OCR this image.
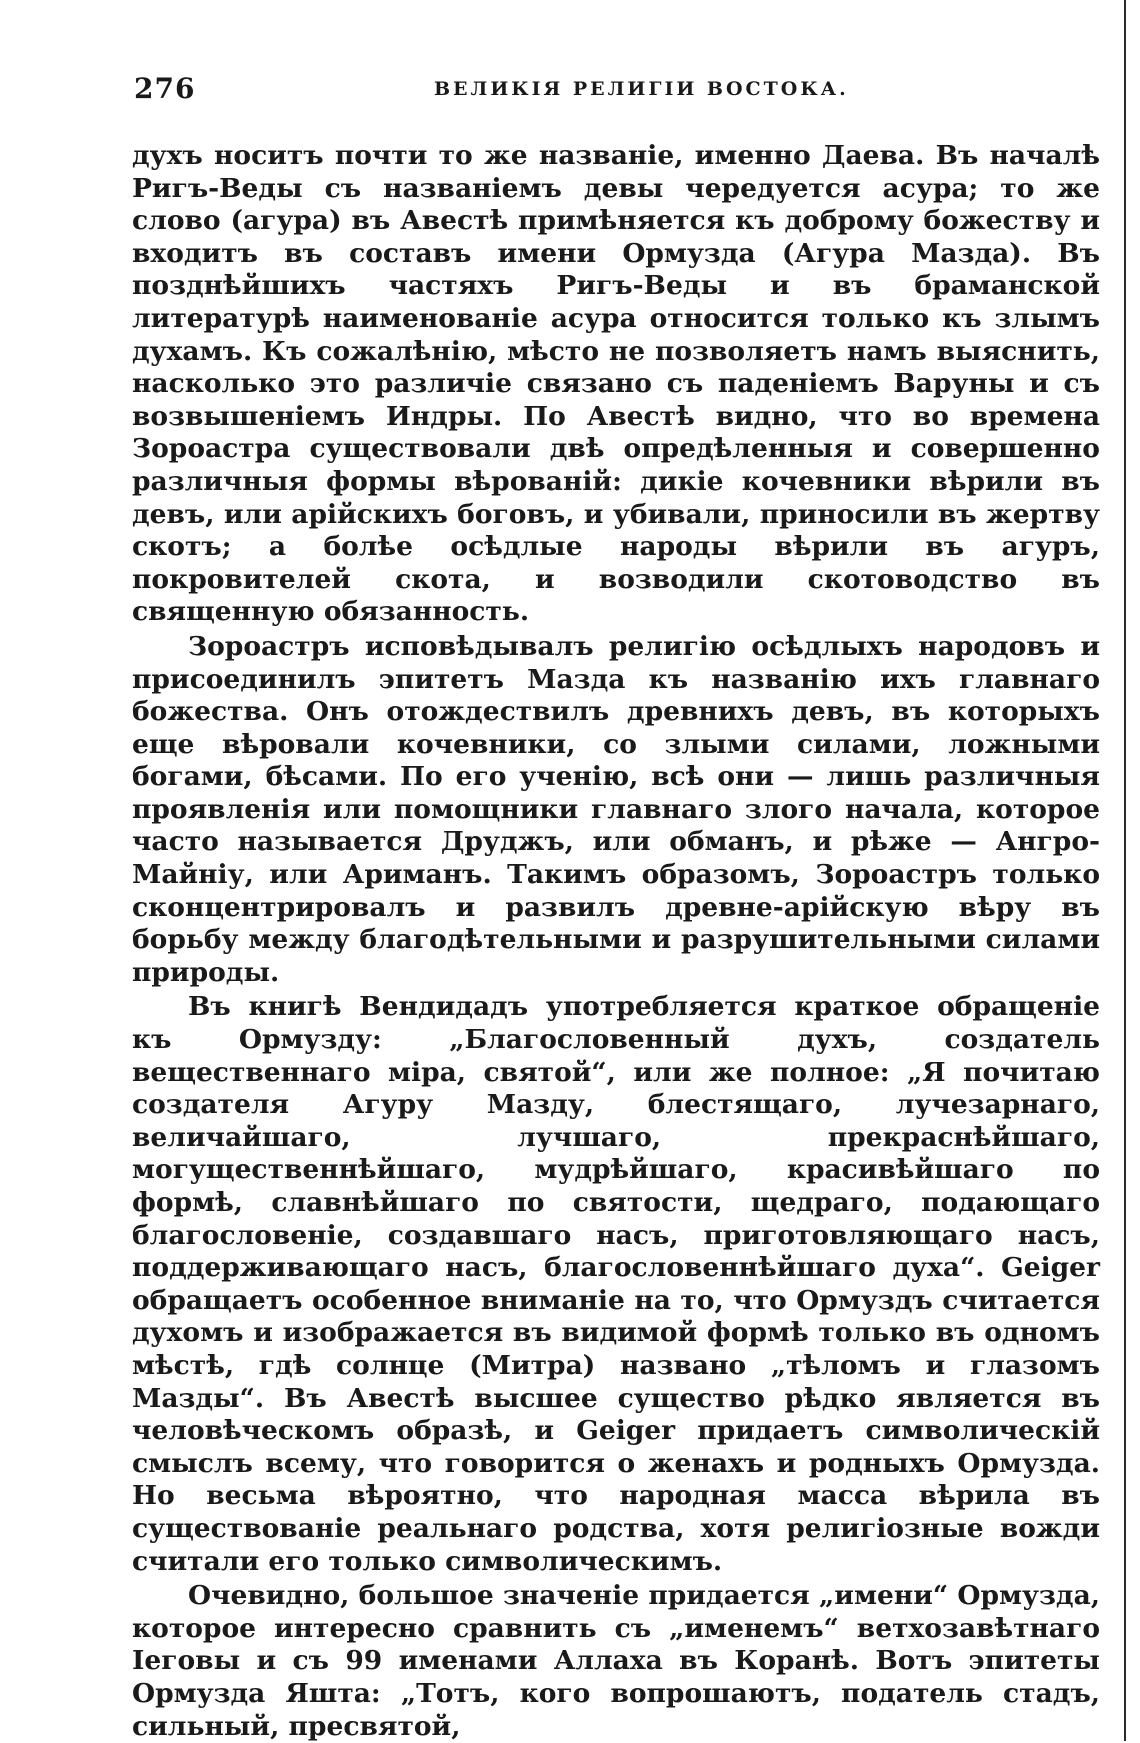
276	ВЕЛИКІЯ РЕЛИГІИ ВОСТОКА.

духъ носитъ почти то же названіе, именно Даева. Въ началѣ Ригъ-Веды съ названіемъ девы чередуется асура; то же слово (агура) въ Авестѣ примѣняется къ доброму божеству и входитъ въ составъ имени Ормузда (Агура Мазда). Въ позднѣйшихъ частяхъ Ригъ-Веды и въ браманской литературѣ наименованіе асура относится только къ злымъ духамъ. Къ сожалѣнію, мѣсто не позволяетъ намъ выяснить, насколько это различіе связано съ паденіемъ Варуны и съ возвышеніемъ Индры. По Авестѣ видно, что во времена Зороастра существовали двѣ опредѣленныя и совершенно различныя формы вѣрованій: дикіе кочевники вѣрили въ девъ, или арійскихъ боговъ, и убивали, приносили въ жертву скотъ; а болѣе осѣдлые народы вѣрили въ агуръ, покровителей скота, и возводили скотоводство въ священную обязанность.

Зороастръ исповѣдывалъ религію осѣдлыхъ народовъ и присоединилъ эпитетъ Мазда къ названію ихъ главнаго божества. Онъ отождествилъ древнихъ девъ, въ которыхъ еще вѣровали кочевники, со злыми силами, ложными богами, бѣсами. По его ученію, всѣ они — лишь различныя проявленія или помощники главнаго злого начала, которое часто называется Друджъ, или обманъ, и рѣже — Ангро-Майніу, или Ариманъ. Такимъ образомъ, Зороастръ только сконцентрировалъ и развилъ древне-арійскую вѣру въ борьбу между благодѣтельными и разрушительными силами природы.

Въ книгѣ Вендидадъ употребляется краткое обращеніе къ Ормузду: „Благословенный духъ, создатель вещественнаго міра, святой“, или же полное: „Я почитаю создателя Агуру Мазду, блестящаго, лучезарнаго, величайшаго, лучшаго, прекраснѣйшаго, могущественнѣйшаго, мудрѣйшаго, красивѣйшаго по формѣ, славнѣйшаго по святости, щедраго, подающаго благословеніе, создавшаго насъ, приготовляющаго насъ, поддерживающаго насъ, благословеннѣйшаго духа“. Geiger обращаетъ особенное вниманіе на то, что Ормуздъ считается духомъ и изображается въ видимой формѣ только въ одномъ мѣстѣ, гдѣ солнце (Митра) названо „тѣломъ и глазомъ Мазды“. Въ Авестѣ высшее существо рѣдко является въ человѣческомъ образѣ, и Geiger придаетъ символическій смыслъ всему, что говорится о женахъ и родныхъ Ормузда. Но весьма вѣроятно, что народная масса вѣрила въ существованіе реальнаго родства, хотя религіозные вожди считали его только символическимъ.

Очевидно, большое значеніе придается „имени“ Ормузда, которое интересно сравнить съ „именемъ“ ветхозавѣтнаго Іеговы и съ 99 именами Аллаха въ Коранѣ. Вотъ эпитеты Ормузда Яшта: „Тотъ, кого вопрошаютъ, податель стадъ, сильный, пресвятой,
